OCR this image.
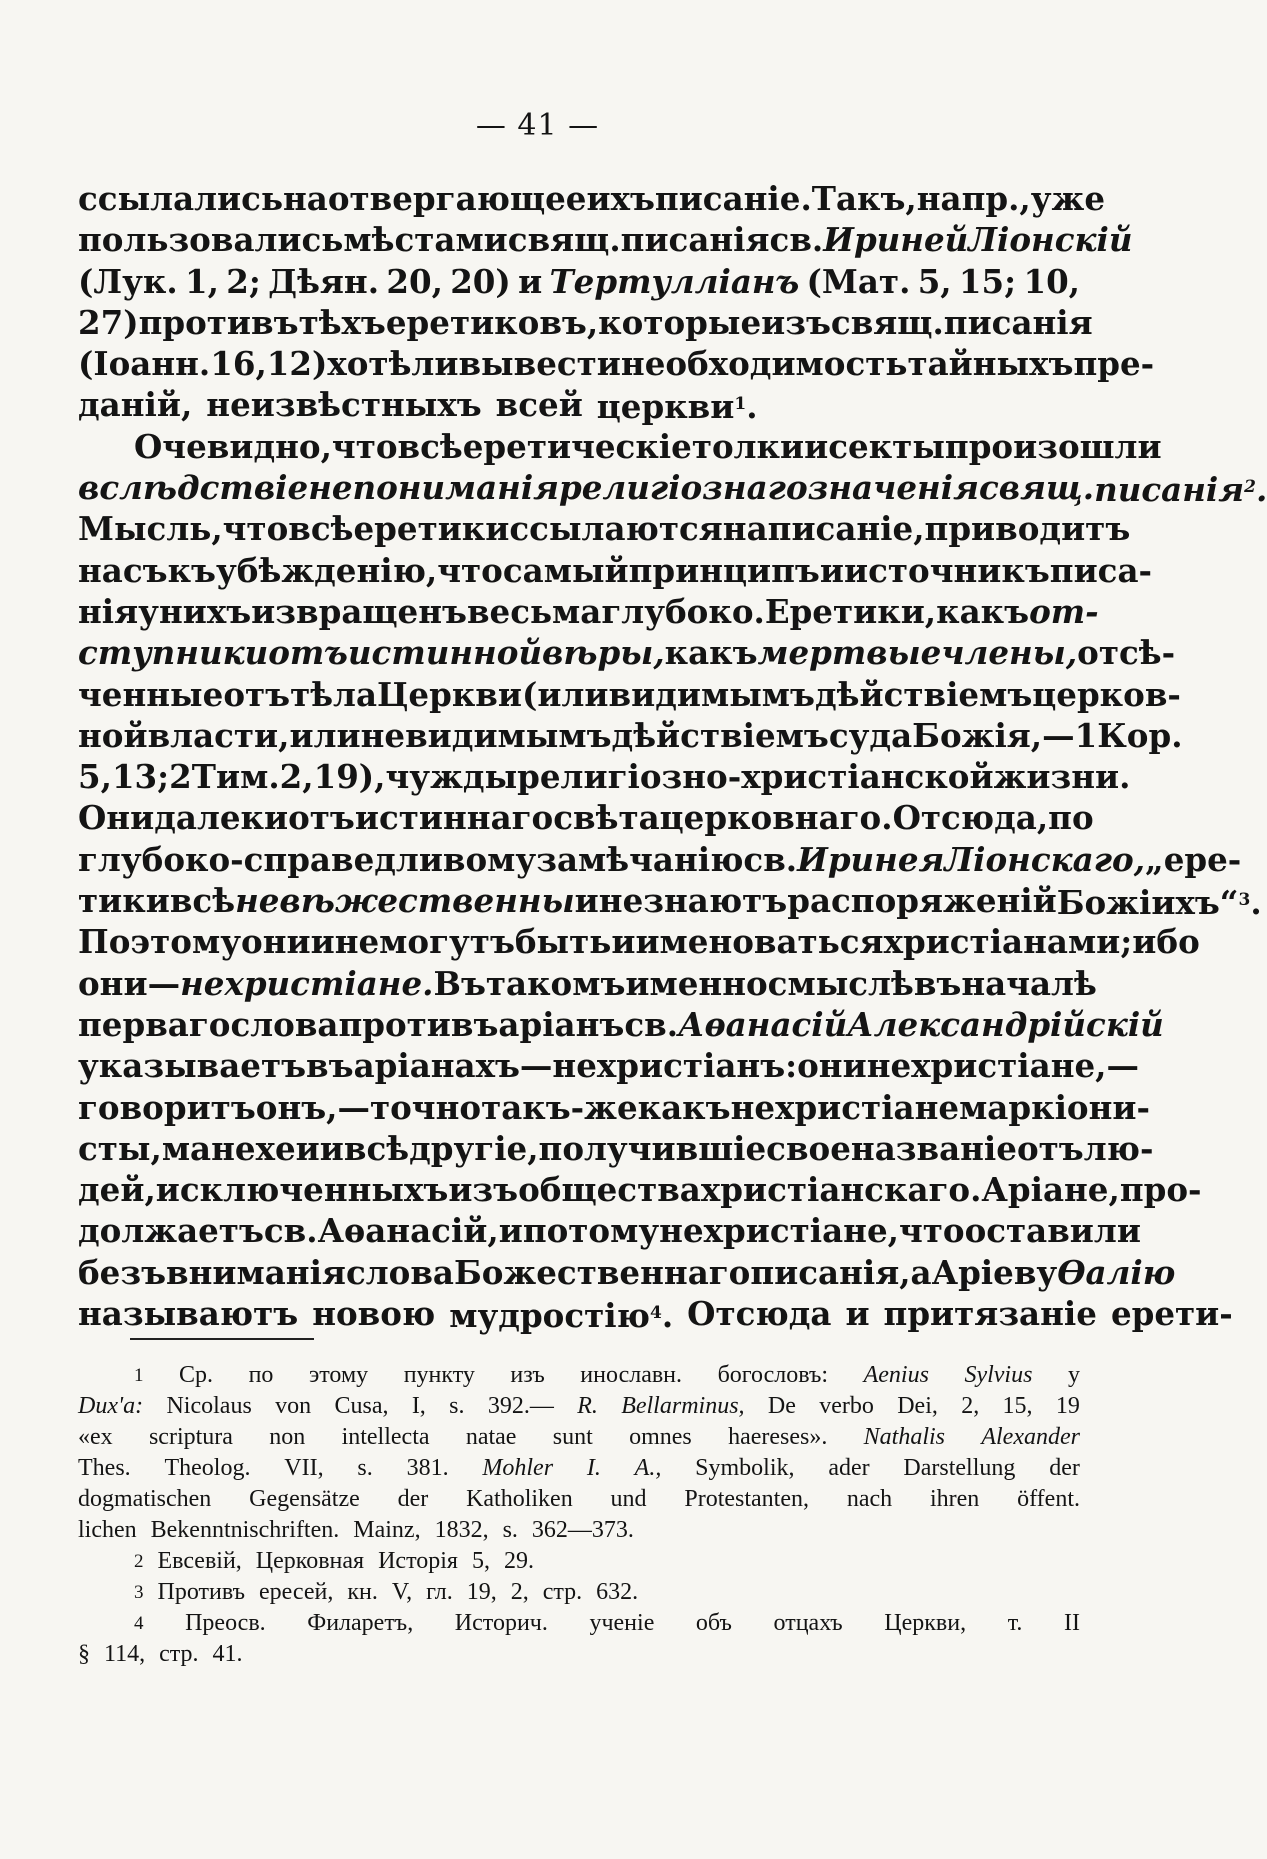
— 41 —
ссылались на отвергающее ихъ писаніе. Такъ, напр., уже
пользовались мѣстами свящ. писанія св. Ириней Ліонскій
(Лук. 1, 2; Дѣян. 20, 20) и Тертулліанъ (Мат. 5, 15; 10,
27) противъ тѣхъ еретиковъ, которые изъ свящ. писанія
(Іоанн. 16, 12) хотѣли вывести необходимость тайныхъ пре-
даній, неизвѣстныхъ всей церкви$^1$.
Очевидно, что всѣ еретическіе толки и секты произошли
вслѣдствіе непониманія религіознаго значенія свящ. писанія$^2$.
Мысль, что всѣ еретики ссылаются на писаніе, приводитъ
насъ къ убѣжденію, что самый принципъ и источникъ писа-
нія у нихъ извращенъ весьма глубоко. Еретики, какъ от-
ступники отъ истинной вѣры, какъ мертвые члены, отсѣ-
ченные отъ тѣла Церкви (или видимымъ дѣйствіемъ церков-
ной власти, или невидимымъ дѣйствіемъ суда Божія,—1 Кор.
5, 13; 2 Тим. 2, 19), чужды религіозно-христіанской жизни.
Они далеки отъ истиннаго свѣта церковнаго. Отсюда, по
глубоко-справедливому замѣчанію св. Иринея Ліонскаго, „ере-
тики всѣ невѣжественны и не знаютъ распоряженій Божіихъ“$^3$.
Поэтому они и не могутъ быть и именоваться христіанами; ибо
они — не христіане. Въ такомъ именно смыслѣ въ началѣ
перваго слова противъ аріанъ св. Аѳанасій Александрійскій
указываетъ въ аріанахъ—нехристіанъ: они не христіане,—
говоритъ онъ, — точно такъ-же какъ не христіане маркіони-
сты, манехеи и всѣ другіе, получившіе свое названіе отъ лю-
дей, исключенныхъ изъ общества христіанскаго. Аріане, про-
должаетъ св. Аѳанасій, и потому не христіане, что оставили
безъ вниманія слова Божественнаго писанія, а Аріеву Ѳалію
называютъ новою мудростію$^4$. Отсюда и притязаніе ерети-
1 Ср. по этому пункту изъ инославн. богословъ: Aenius Sylvius у
Dux'a: Nicolaus von Cusa, I, s. 392.— R. Bellarminus, De verbo Dei, 2, 15, 19
«ex scriptura non intellecta natae sunt omnes haereses». Nathalis Alexander
Thes. Theolog. VII, s. 381. Mohler I. A., Symbolik, ader Darstellung der
dogmatischen Gegensätze der Katholiken und Protestanten, nach ihren öffent.
lichen Bekenntnischriften. Mainz, 1832, s. 362—373.
2 Евсевій, Церковная Исторія 5, 29.
3 Противъ ересей, кн. V, гл. 19, 2, стр. 632.
4 Преосв. Филаретъ, Историч. ученіе объ отцахъ Церкви, т. II
§ 114, стр. 41.
